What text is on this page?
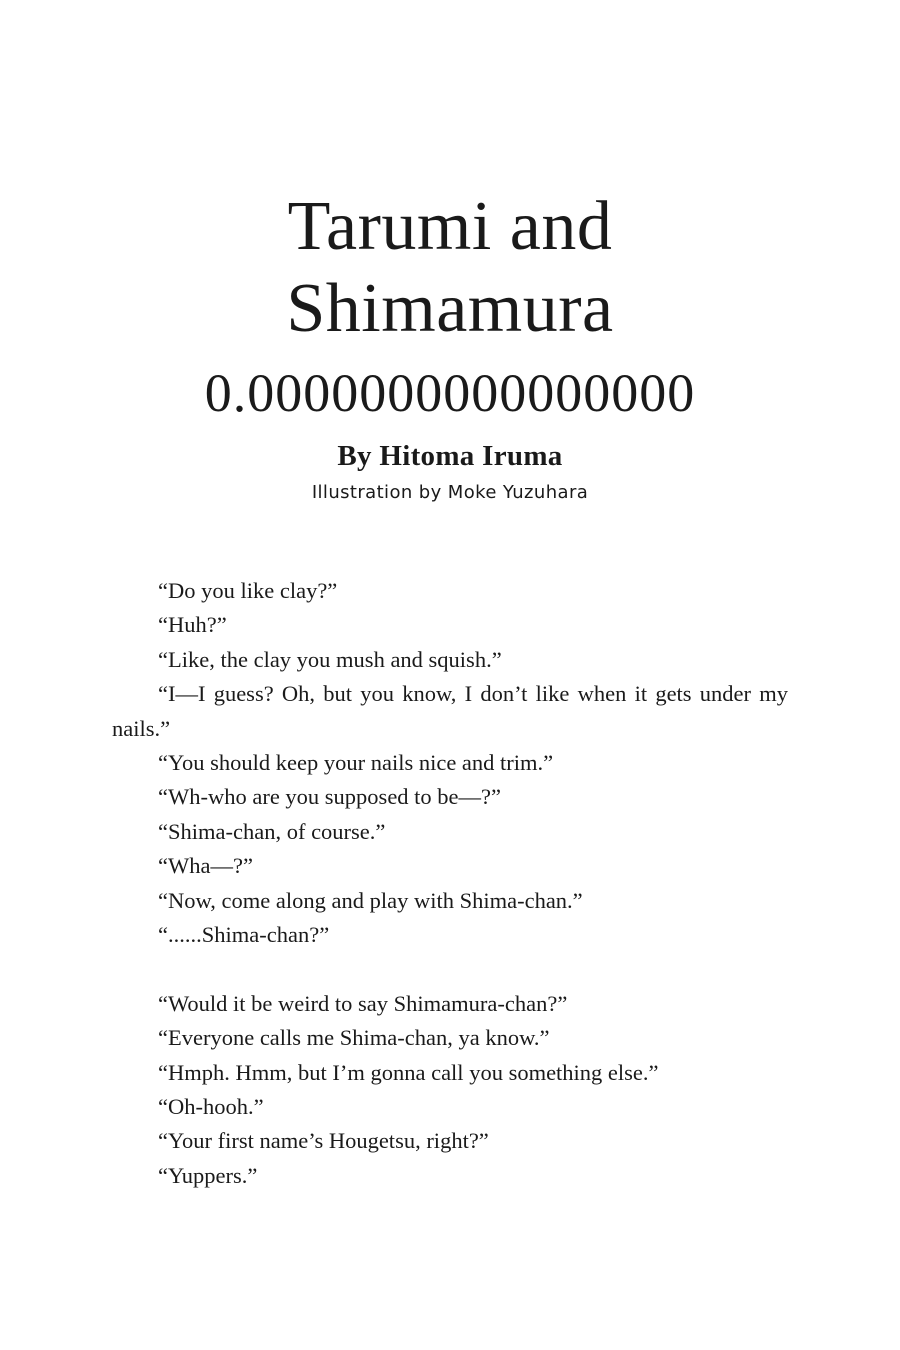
Tarumi and
Shimamura
0.0000000000000000
By Hitoma Iruma
Illustration by Moke Yuzuhara

“Do you like clay?”

“Huh?”

“Like, the clay you mush and squish.”

“I—I guess? Oh, but you know, I don’t like when it gets under my nails.”

“You should keep your nails nice and trim.”

“Wh-who are you supposed to be—?”

“Shima-chan, of course.”

“Wha—?”

“Now, come along and play with Shima-chan.”

“......Shima-chan?”

“Would it be weird to say Shimamura-chan?”

“Everyone calls me Shima-chan, ya know.”

“Hmph. Hmm, but I’m gonna call you something else.”

“Oh-hooh.”

“Your first name’s Hougetsu, right?”

“Yuppers.”
